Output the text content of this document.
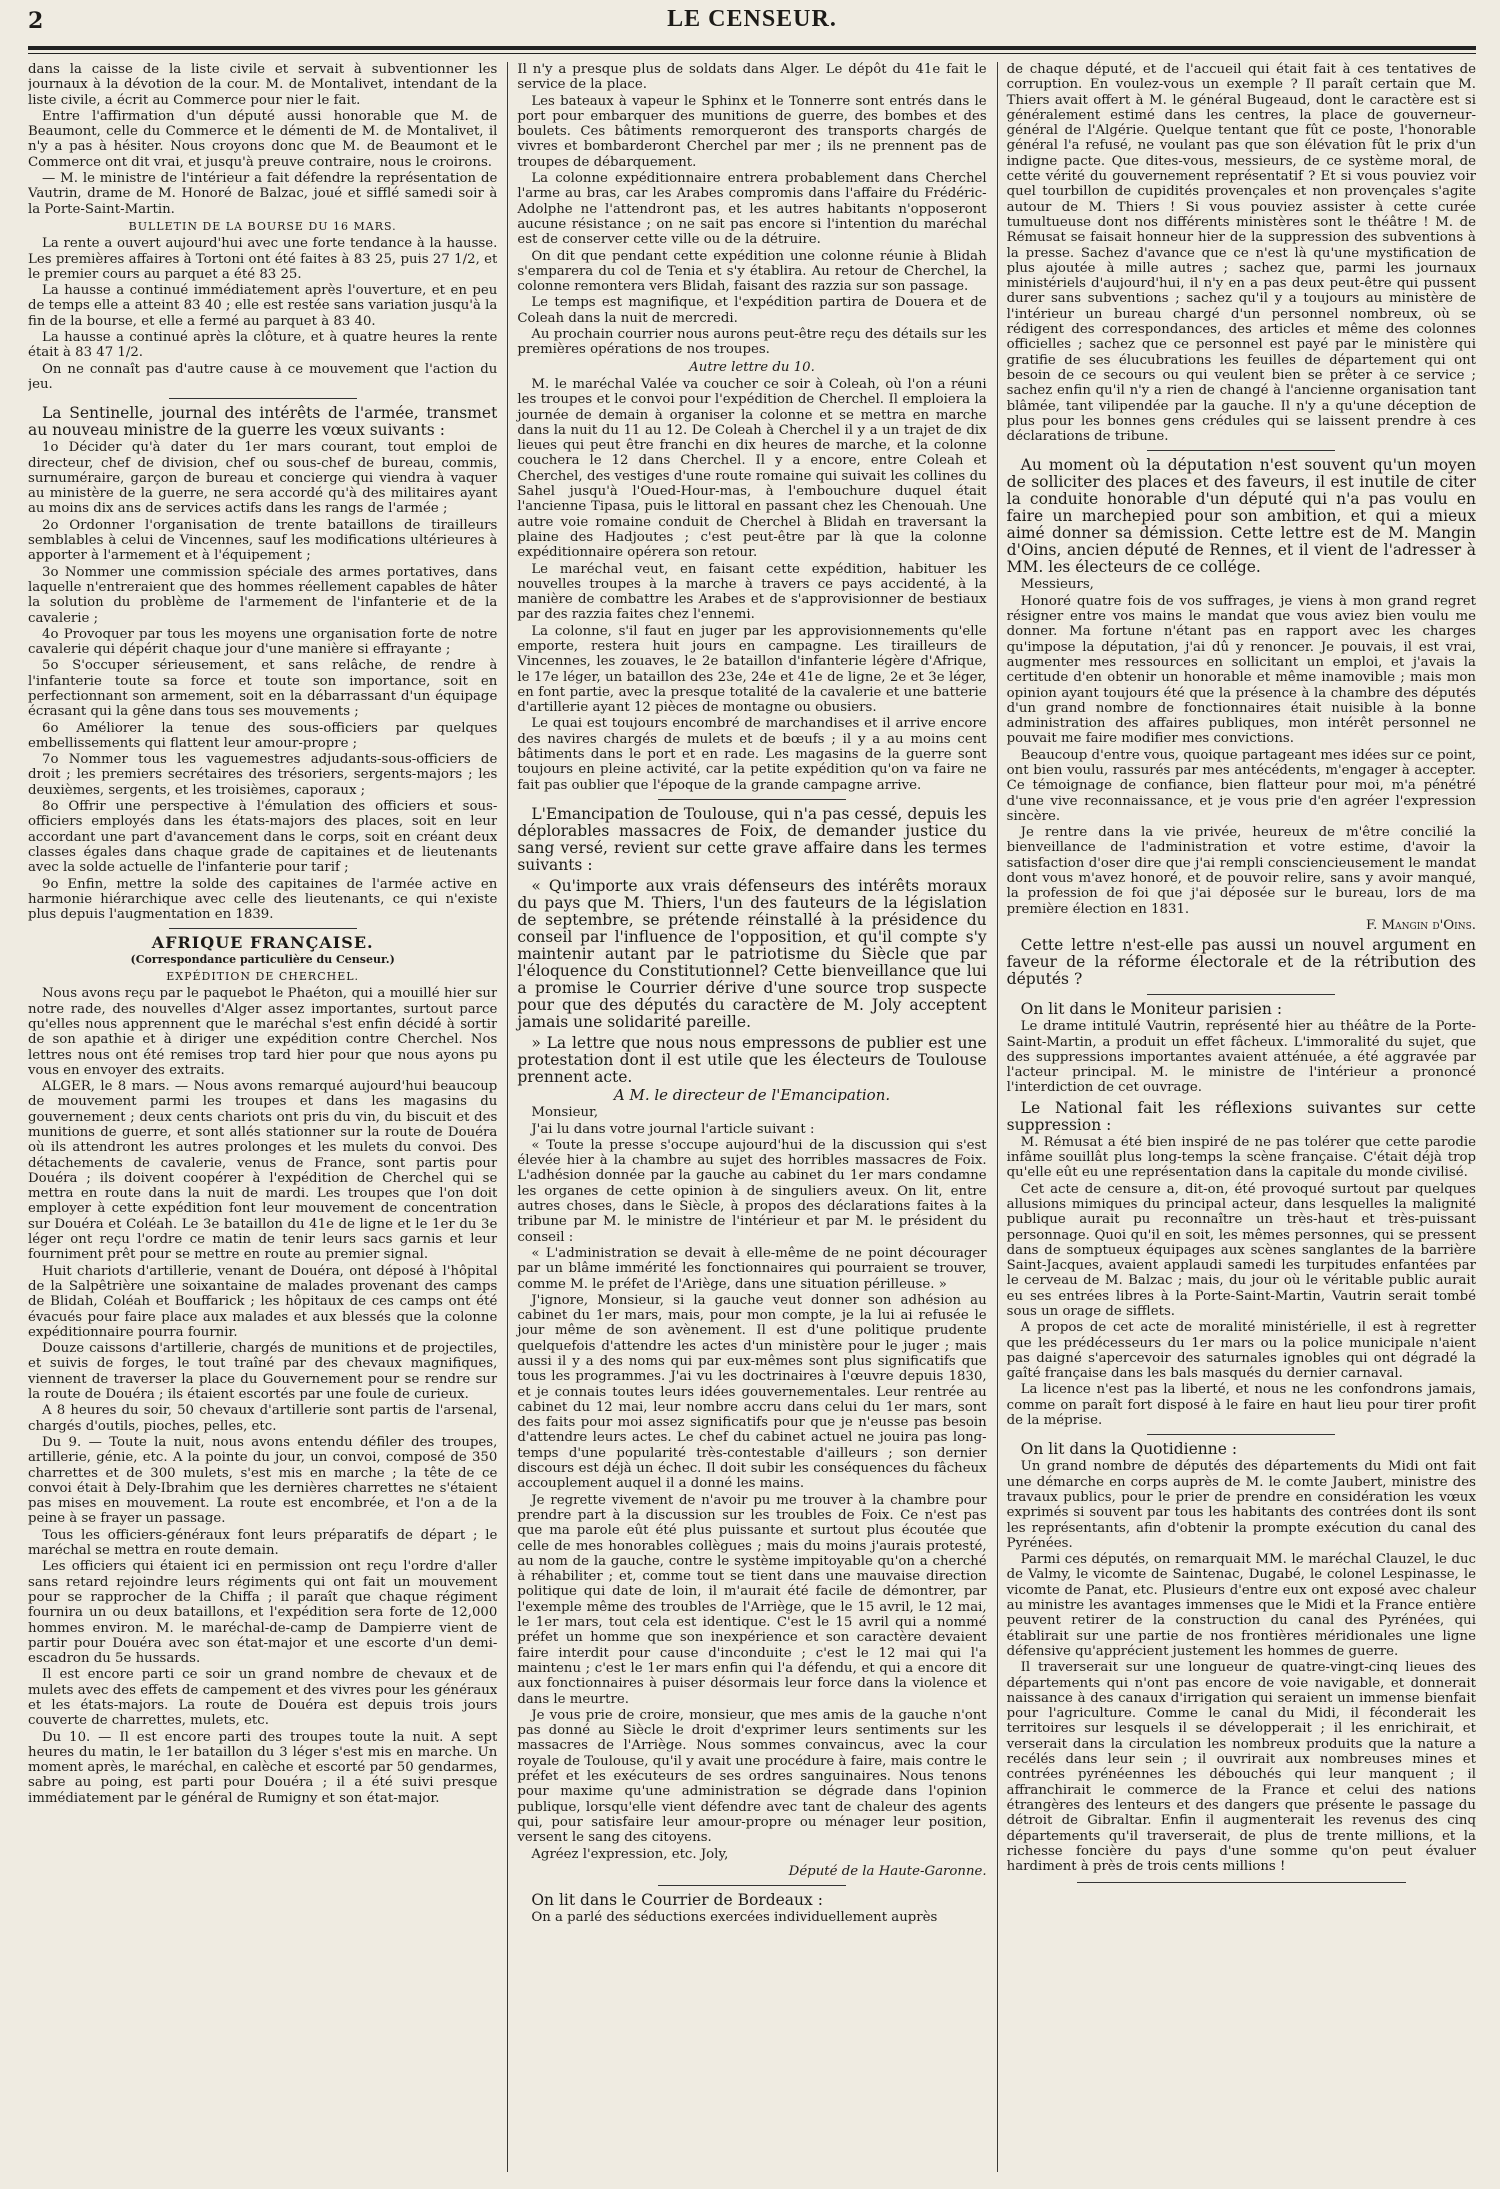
2	LE CENSEUR.

dans la caisse de la liste civile et servait à subventionner les journaux à la dévotion de la cour. M. de Montalivet, intendant de la liste civile, a écrit au Commerce pour nier le fait.

Entre l'affirmation d'un député aussi honorable que M. de Beaumont, celle du Commerce et le démenti de M. de Montalivet, il n'y a pas à hésiter. Nous croyons donc que M. de Beaumont et le Commerce ont dit vrai, et jusqu'à preuve contraire, nous le croirons.

— M. le ministre de l'intérieur a fait défendre la représentation de Vautrin, drame de M. Honoré de Balzac, joué et sifflé samedi soir à la Porte-Saint-Martin.

BULLETIN DE LA BOURSE DU 16 MARS.

La rente a ouvert aujourd'hui avec une forte tendance à la hausse. Les premières affaires à Tortoni ont été faites à 83 25, puis 27 1/2, et le premier cours au parquet a été 83 25.

La hausse a continué immédiatement après l'ouverture, et en peu de temps elle a atteint 83 40 ; elle est restée sans variation jusqu'à la fin de la bourse, et elle a fermé au parquet à 83 40.

La hausse a continué après la clôture, et à quatre heures la rente était à 83 47 1/2.

On ne connaît pas d'autre cause à ce mouvement que l'action du jeu.

La Sentinelle, journal des intérêts de l'armée, transmet au nouveau ministre de la guerre les vœux suivants :

1o Décider qu'à dater du 1er mars courant, tout emploi de directeur, chef de division, chef ou sous-chef de bureau, commis, surnuméraire, garçon de bureau et concierge qui viendra à vaquer au ministère de la guerre, ne sera accordé qu'à des militaires ayant au moins dix ans de services actifs dans les rangs de l'armée ;

2o Ordonner l'organisation de trente bataillons de tirailleurs semblables à celui de Vincennes, sauf les modifications ultérieures à apporter à l'armement et à l'équipement ;

3o Nommer une commission spéciale des armes portatives, dans laquelle n'entreraient que des hommes réellement capables de hâter la solution du problème de l'armement de l'infanterie et de la cavalerie ;

4o Provoquer par tous les moyens une organisation forte de notre cavalerie qui dépérit chaque jour d'une manière si effrayante ;

5o S'occuper sérieusement, et sans relâche, de rendre à l'infanterie toute sa force et toute son importance, soit en perfectionnant son armement, soit en la débarrassant d'un équipage écrasant qui la gêne dans tous ses mouvements ;

6o Améliorer la tenue des sous-officiers par quelques embellissements qui flattent leur amour-propre ;

7o Nommer tous les vaguemestres adjudants-sous-officiers de droit ; les premiers secrétaires des trésoriers, sergents-majors ; les deuxièmes, sergents, et les troisièmes, caporaux ;

8o Offrir une perspective à l'émulation des officiers et sous-officiers employés dans les états-majors des places, soit en leur accordant une part d'avancement dans le corps, soit en créant deux classes égales dans chaque grade de capitaines et de lieutenants avec la solde actuelle de l'infanterie pour tarif ;

9o Enfin, mettre la solde des capitaines de l'armée active en harmonie hiérarchique avec celle des lieutenants, ce qui n'existe plus depuis l'augmentation en 1839.

AFRIQUE FRANÇAISE.
(Correspondance particulière du Censeur.)
EXPÉDITION DE CHERCHEL.

Nous avons reçu par le paquebot le Phaéton, qui a mouillé hier sur notre rade, des nouvelles d'Alger assez importantes, surtout parce qu'elles nous apprennent que le maréchal s'est enfin décidé à sortir de son apathie et à diriger une expédition contre Cherchel. Nos lettres nous ont été remises trop tard hier pour que nous ayons pu vous en envoyer des extraits.

ALGER, le 8 mars. — Nous avons remarqué aujourd'hui beaucoup de mouvement parmi les troupes et dans les magasins du gouvernement ; deux cents chariots ont pris du vin, du biscuit et des munitions de guerre, et sont allés stationner sur la route de Douéra où ils attendront les autres prolonges et les mulets du convoi. Des détachements de cavalerie, venus de France, sont partis pour Douéra ; ils doivent coopérer à l'expédition de Cherchel qui se mettra en route dans la nuit de mardi. Les troupes que l'on doit employer à cette expédition font leur mouvement de concentration sur Douéra et Coléah. Le 3e bataillon du 41e de ligne et le 1er du 3e léger ont reçu l'ordre ce matin de tenir leurs sacs garnis et leur fourniment prêt pour se mettre en route au premier signal.

Huit chariots d'artillerie, venant de Douéra, ont déposé à l'hôpital de la Salpêtrière une soixantaine de malades provenant des camps de Blidah, Coléah et Bouffarick ; les hôpitaux de ces camps ont été évacués pour faire place aux malades et aux blessés que la colonne expéditionnaire pourra fournir.

Douze caissons d'artillerie, chargés de munitions et de projectiles, et suivis de forges, le tout traîné par des chevaux magnifiques, viennent de traverser la place du Gouvernement pour se rendre sur la route de Douéra ; ils étaient escortés par une foule de curieux.

A 8 heures du soir, 50 chevaux d'artillerie sont partis de l'arsenal, chargés d'outils, pioches, pelles, etc.

Du 9. — Toute la nuit, nous avons entendu défiler des troupes, artillerie, génie, etc. A la pointe du jour, un convoi, composé de 350 charrettes et de 300 mulets, s'est mis en marche ; la tête de ce convoi était à Dely-Ibrahim que les dernières charrettes ne s'étaient pas mises en mouvement. La route est encombrée, et l'on a de la peine à se frayer un passage.

Tous les officiers-généraux font leurs préparatifs de départ ; le maréchal se mettra en route demain.

Les officiers qui étaient ici en permission ont reçu l'ordre d'aller sans retard rejoindre leurs régiments qui ont fait un mouvement pour se rapprocher de la Chiffa ; il paraît que chaque régiment fournira un ou deux bataillons, et l'expédition sera forte de 12,000 hommes environ. M. le maréchal-de-camp de Dampierre vient de partir pour Douéra avec son état-major et une escorte d'un demi-escadron du 5e hussards.

Il est encore parti ce soir un grand nombre de chevaux et de mulets avec des effets de campement et des vivres pour les généraux et les états-majors. La route de Douéra est depuis trois jours couverte de charrettes, mulets, etc.

Du 10. — Il est encore parti des troupes toute la nuit. A sept heures du matin, le 1er bataillon du 3 léger s'est mis en marche. Un moment après, le maréchal, en calèche et escorté par 50 gendarmes, sabre au poing, est parti pour Douéra ; il a été suivi presque immédiatement par le général de Rumigny et son état-major.

Il n'y a presque plus de soldats dans Alger. Le dépôt du 41e fait le service de la place.

Les bateaux à vapeur le Sphinx et le Tonnerre sont entrés dans le port pour embarquer des munitions de guerre, des bombes et des boulets. Ces bâtiments remorqueront des transports chargés de vivres et bombarderont Cherchel par mer ; ils ne prennent pas de troupes de débarquement.

La colonne expéditionnaire entrera probablement dans Cherchel l'arme au bras, car les Arabes compromis dans l'affaire du Frédéric-Adolphe ne l'attendront pas, et les autres habitants n'opposeront aucune résistance ; on ne sait pas encore si l'intention du maréchal est de conserver cette ville ou de la détruire.

On dit que pendant cette expédition une colonne réunie à Blidah s'emparera du col de Tenia et s'y établira. Au retour de Cherchel, la colonne remontera vers Blidah, faisant des razzia sur son passage.

Le temps est magnifique, et l'expédition partira de Douera et de Coleah dans la nuit de mercredi.

Au prochain courrier nous aurons peut-être reçu des détails sur les premières opérations de nos troupes.

Autre lettre du 10.

M. le maréchal Valée va coucher ce soir à Coleah, où l'on a réuni les troupes et le convoi pour l'expédition de Cherchel. Il emploiera la journée de demain à organiser la colonne et se mettra en marche dans la nuit du 11 au 12. De Coleah à Cherchel il y a un trajet de dix lieues qui peut être franchi en dix heures de marche, et la colonne couchera le 12 dans Cherchel. Il y a encore, entre Coleah et Cherchel, des vestiges d'une route romaine qui suivait les collines du Sahel jusqu'à l'Oued-Hour-mas, à l'embouchure duquel était l'ancienne Tipasa, puis le littoral en passant chez les Chenouah. Une autre voie romaine conduit de Cherchel à Blidah en traversant la plaine des Hadjoutes ; c'est peut-être par là que la colonne expéditionnaire opérera son retour.

Le maréchal veut, en faisant cette expédition, habituer les nouvelles troupes à la marche à travers ce pays accidenté, à la manière de combattre les Arabes et de s'approvisionner de bestiaux par des razzia faites chez l'ennemi.

La colonne, s'il faut en juger par les approvisionnements qu'elle emporte, restera huit jours en campagne. Les tirailleurs de Vincennes, les zouaves, le 2e bataillon d'infanterie légère d'Afrique, le 17e léger, un bataillon des 23e, 24e et 41e de ligne, 2e et 3e léger, en font partie, avec la presque totalité de la cavalerie et une batterie d'artillerie ayant 12 pièces de montagne ou obusiers.

Le quai est toujours encombré de marchandises et il arrive encore des navires chargés de mulets et de bœufs ; il y a au moins cent bâtiments dans le port et en rade. Les magasins de la guerre sont toujours en pleine activité, car la petite expédition qu'on va faire ne fait pas oublier que l'époque de la grande campagne arrive.

L'Emancipation de Toulouse, qui n'a pas cessé, depuis les déplorables massacres de Foix, de demander justice du sang versé, revient sur cette grave affaire dans les termes suivants :

« Qu'importe aux vrais défenseurs des intérêts moraux du pays que M. Thiers, l'un des fauteurs de la législation de septembre, se prétende réinstallé à la présidence du conseil par l'influence de l'opposition, et qu'il compte s'y maintenir autant par le patriotisme du Siècle que par l'éloquence du Constitutionnel? Cette bienveillance que lui a promise le Courrier dérive d'une source trop suspecte pour que des députés du caractère de M. Joly acceptent jamais une solidarité pareille.

» La lettre que nous nous empressons de publier est une protestation dont il est utile que les électeurs de Toulouse prennent acte.

A M. le directeur de l'Emancipation.

Monsieur,

J'ai lu dans votre journal l'article suivant :

« Toute la presse s'occupe aujourd'hui de la discussion qui s'est élevée hier à la chambre au sujet des horribles massacres de Foix. L'adhésion donnée par la gauche au cabinet du 1er mars condamne les organes de cette opinion à de singuliers aveux. On lit, entre autres choses, dans le Siècle, à propos des déclarations faites à la tribune par M. le ministre de l'intérieur et par M. le président du conseil :

« L'administration se devait à elle-même de ne point décourager par un blâme immérité les fonctionnaires qui pourraient se trouver, comme M. le préfet de l'Ariège, dans une situation périlleuse. »

J'ignore, Monsieur, si la gauche veut donner son adhésion au cabinet du 1er mars, mais, pour mon compte, je la lui ai refusée le jour même de son avènement. Il est d'une politique prudente quelquefois d'attendre les actes d'un ministère pour le juger ; mais aussi il y a des noms qui par eux-mêmes sont plus significatifs que tous les programmes. J'ai vu les doctrinaires à l'œuvre depuis 1830, et je connais toutes leurs idées gouvernementales. Leur rentrée au cabinet du 12 mai, leur nombre accru dans celui du 1er mars, sont des faits pour moi assez significatifs pour que je n'eusse pas besoin d'attendre leurs actes. Le chef du cabinet actuel ne jouira pas long-temps d'une popularité très-contestable d'ailleurs ; son dernier discours est déjà un échec. Il doit subir les conséquences du fâcheux accouplement auquel il a donné les mains.

Je regrette vivement de n'avoir pu me trouver à la chambre pour prendre part à la discussion sur les troubles de Foix. Ce n'est pas que ma parole eût été plus puissante et surtout plus écoutée que celle de mes honorables collègues ; mais du moins j'aurais protesté, au nom de la gauche, contre le système impitoyable qu'on a cherché à réhabiliter ; et, comme tout se tient dans une mauvaise direction politique qui date de loin, il m'aurait été facile de démontrer, par l'exemple même des troubles de l'Arriège, que le 15 avril, le 12 mai, le 1er mars, tout cela est identique. C'est le 15 avril qui a nommé préfet un homme que son inexpérience et son caractère devaient faire interdit pour cause d'inconduite ; c'est le 12 mai qui l'a maintenu ; c'est le 1er mars enfin qui l'a défendu, et qui a encore dit aux fonctionnaires à puiser désormais leur force dans la violence et dans le meurtre.

Je vous prie de croire, monsieur, que mes amis de la gauche n'ont pas donné au Siècle le droit d'exprimer leurs sentiments sur les massacres de l'Arriège. Nous sommes convaincus, avec la cour royale de Toulouse, qu'il y avait une procédure à faire, mais contre le préfet et les exécuteurs de ses ordres sanguinaires. Nous tenons pour maxime qu'une administration se dégrade dans l'opinion publique, lorsqu'elle vient défendre avec tant de chaleur des agents qui, pour satisfaire leur amour-propre ou ménager leur position, versent le sang des citoyens.

Agréez l'expression, etc. Joly,

Député de la Haute-Garonne.

On lit dans le Courrier de Bordeaux :

On a parlé des séductions exercées individuellement auprès

de chaque député, et de l'accueil qui était fait à ces tentatives de corruption. En voulez-vous un exemple ? Il paraît certain que M. Thiers avait offert à M. le général Bugeaud, dont le caractère est si généralement estimé dans les centres, la place de gouverneur-général de l'Algérie. Quelque tentant que fût ce poste, l'honorable général l'a refusé, ne voulant pas que son élévation fût le prix d'un indigne pacte. Que dites-vous, messieurs, de ce système moral, de cette vérité du gouvernement représentatif ? Et si vous pouviez voir quel tourbillon de cupidités provençales et non provençales s'agite autour de M. Thiers ! Si vous pouviez assister à cette curée tumultueuse dont nos différents ministères sont le théâtre ! M. de Rémusat se faisait honneur hier de la suppression des subventions à la presse. Sachez d'avance que ce n'est là qu'une mystification de plus ajoutée à mille autres ; sachez que, parmi les journaux ministériels d'aujourd'hui, il n'y en a pas deux peut-être qui pussent durer sans subventions ; sachez qu'il y a toujours au ministère de l'intérieur un bureau chargé d'un personnel nombreux, où se rédigent des correspondances, des articles et même des colonnes officielles ; sachez que ce personnel est payé par le ministère qui gratifie de ses élucubrations les feuilles de département qui ont besoin de ce secours ou qui veulent bien se prêter à ce service ; sachez enfin qu'il n'y a rien de changé à l'ancienne organisation tant blâmée, tant vilipendée par la gauche. Il n'y a qu'une déception de plus pour les bonnes gens crédules qui se laissent prendre à ces déclarations de tribune.

Au moment où la députation n'est souvent qu'un moyen de solliciter des places et des faveurs, il est inutile de citer la conduite honorable d'un député qui n'a pas voulu en faire un marchepied pour son ambition, et qui a mieux aimé donner sa démission. Cette lettre est de M. Mangin d'Oins, ancien député de Rennes, et il vient de l'adresser à MM. les électeurs de ce collége.

Messieurs,

Honoré quatre fois de vos suffrages, je viens à mon grand regret résigner entre vos mains le mandat que vous aviez bien voulu me donner. Ma fortune n'étant pas en rapport avec les charges qu'impose la députation, j'ai dû y renoncer. Je pouvais, il est vrai, augmenter mes ressources en sollicitant un emploi, et j'avais la certitude d'en obtenir un honorable et même inamovible ; mais mon opinion ayant toujours été que la présence à la chambre des députés d'un grand nombre de fonctionnaires était nuisible à la bonne administration des affaires publiques, mon intérêt personnel ne pouvait me faire modifier mes convictions.

Beaucoup d'entre vous, quoique partageant mes idées sur ce point, ont bien voulu, rassurés par mes antécédents, m'engager à accepter. Ce témoignage de confiance, bien flatteur pour moi, m'a pénétré d'une vive reconnaissance, et je vous prie d'en agréer l'expression sincère.

Je rentre dans la vie privée, heureux de m'être concilié la bienveillance de l'administration et votre estime, d'avoir la satisfaction d'oser dire que j'ai rempli consciencieusement le mandat dont vous m'avez honoré, et de pouvoir relire, sans y avoir manqué, la profession de foi que j'ai déposée sur le bureau, lors de ma première élection en 1831.

F. Mangin d'Oins.

Cette lettre n'est-elle pas aussi un nouvel argument en faveur de la réforme électorale et de la rétribution des députés ?

On lit dans le Moniteur parisien :

Le drame intitulé Vautrin, représenté hier au théâtre de la Porte-Saint-Martin, a produit un effet fâcheux. L'immoralité du sujet, que des suppressions importantes avaient atténuée, a été aggravée par l'acteur principal. M. le ministre de l'intérieur a prononcé l'interdiction de cet ouvrage.

Le National fait les réflexions suivantes sur cette suppression :

M. Rémusat a été bien inspiré de ne pas tolérer que cette parodie infâme souillât plus long-temps la scène française. C'était déjà trop qu'elle eût eu une représentation dans la capitale du monde civilisé.

Cet acte de censure a, dit-on, été provoqué surtout par quelques allusions mimiques du principal acteur, dans lesquelles la malignité publique aurait pu reconnaître un très-haut et très-puissant personnage. Quoi qu'il en soit, les mêmes personnes, qui se pressent dans de somptueux équipages aux scènes sanglantes de la barrière Saint-Jacques, avaient applaudi samedi les turpitudes enfantées par le cerveau de M. Balzac ; mais, du jour où le véritable public aurait eu ses entrées libres à la Porte-Saint-Martin, Vautrin serait tombé sous un orage de sifflets.

A propos de cet acte de moralité ministérielle, il est à regretter que les prédécesseurs du 1er mars ou la police municipale n'aient pas daigné s'apercevoir des saturnales ignobles qui ont dégradé la gaîté française dans les bals masqués du dernier carnaval.

La licence n'est pas la liberté, et nous ne les confondrons jamais, comme on paraît fort disposé à le faire en haut lieu pour tirer profit de la méprise.

On lit dans la Quotidienne :

Un grand nombre de députés des départements du Midi ont fait une démarche en corps auprès de M. le comte Jaubert, ministre des travaux publics, pour le prier de prendre en considération les vœux exprimés si souvent par tous les habitants des contrées dont ils sont les représentants, afin d'obtenir la prompte exécution du canal des Pyrénées.

Parmi ces députés, on remarquait MM. le maréchal Clauzel, le duc de Valmy, le vicomte de Saintenac, Dugabé, le colonel Lespinasse, le vicomte de Panat, etc. Plusieurs d'entre eux ont exposé avec chaleur au ministre les avantages immenses que le Midi et la France entière peuvent retirer de la construction du canal des Pyrénées, qui établirait sur une partie de nos frontières méridionales une ligne défensive qu'apprécient justement les hommes de guerre.

Il traverserait sur une longueur de quatre-vingt-cinq lieues des départements qui n'ont pas encore de voie navigable, et donnerait naissance à des canaux d'irrigation qui seraient un immense bienfait pour l'agriculture. Comme le canal du Midi, il féconderait les territoires sur lesquels il se développerait ; il les enrichirait, et verserait dans la circulation les nombreux produits que la nature a recélés dans leur sein ; il ouvrirait aux nombreuses mines et contrées pyrénéennes les débouchés qui leur manquent ; il affranchirait le commerce de la France et celui des nations étrangères des lenteurs et des dangers que présente le passage du détroit de Gibraltar. Enfin il augmenterait les revenus des cinq départements qu'il traverserait, de plus de trente millions, et la richesse foncière du pays d'une somme qu'on peut évaluer hardiment à près de trois cents millions !
